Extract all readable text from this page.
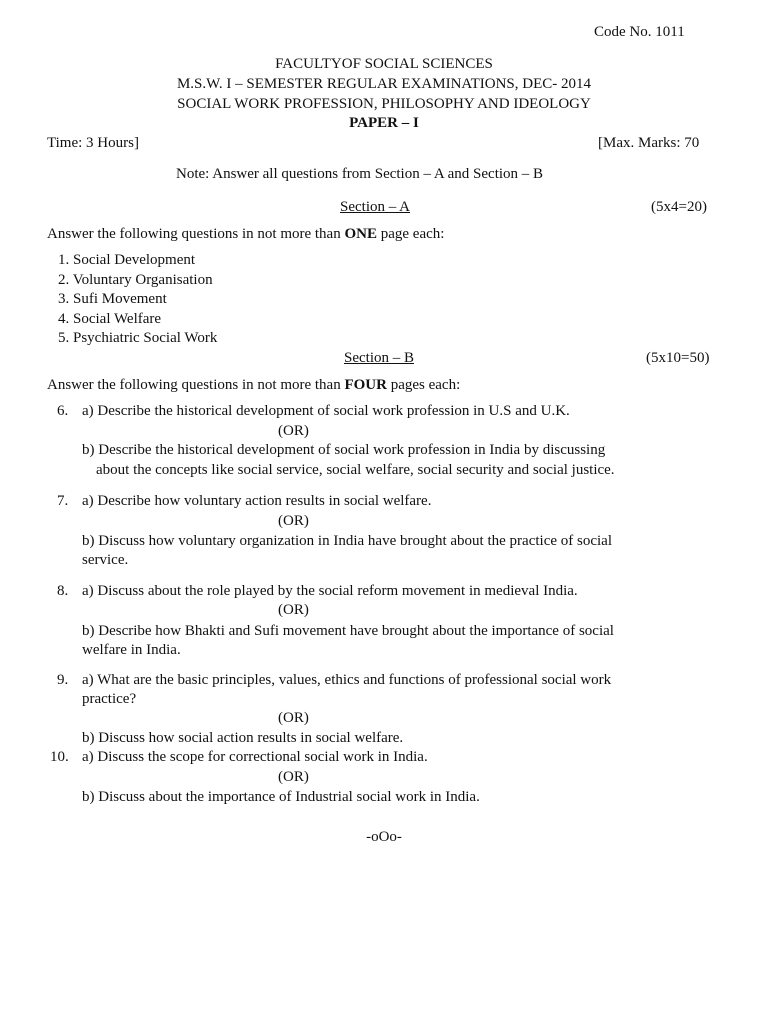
Code No. 1011
FACULTYOF SOCIAL SCIENCES
M.S.W. I – SEMESTER REGULAR EXAMINATIONS, DEC- 2014
SOCIAL WORK PROFESSION, PHILOSOPHY AND IDEOLOGY
PAPER – I
Time: 3 Hours]	[Max. Marks: 70
Note: Answer all questions from Section – A and Section – B
Section – A	(5x4=20)
Answer the following questions in not more than ONE page each:
1. Social Development
2. Voluntary Organisation
3. Sufi Movement
4. Social Welfare
5. Psychiatric Social Work
Section – B	(5x10=50)
Answer the following questions in not more than FOUR pages each:
6. a) Describe the historical development of social work profession in U.S and U.K.
(OR)
b) Describe the historical development of social work profession in India by discussing
about the concepts like social service, social welfare, social security and social justice.
7. a) Describe how voluntary action results in social welfare.
(OR)
b) Discuss how voluntary organization in India have brought about the practice of social
service.
8. a) Discuss about the role played by the social reform movement in medieval India.
(OR)
b) Describe how Bhakti and Sufi movement have brought about the importance of social
welfare in India.
9. a) What are the basic principles, values, ethics and functions of professional social work
practice?
(OR)
b) Discuss how social action results in social welfare.
10. a) Discuss the scope for correctional social work in India.
(OR)
b) Discuss about the importance of Industrial social work in India.
-oOo-
